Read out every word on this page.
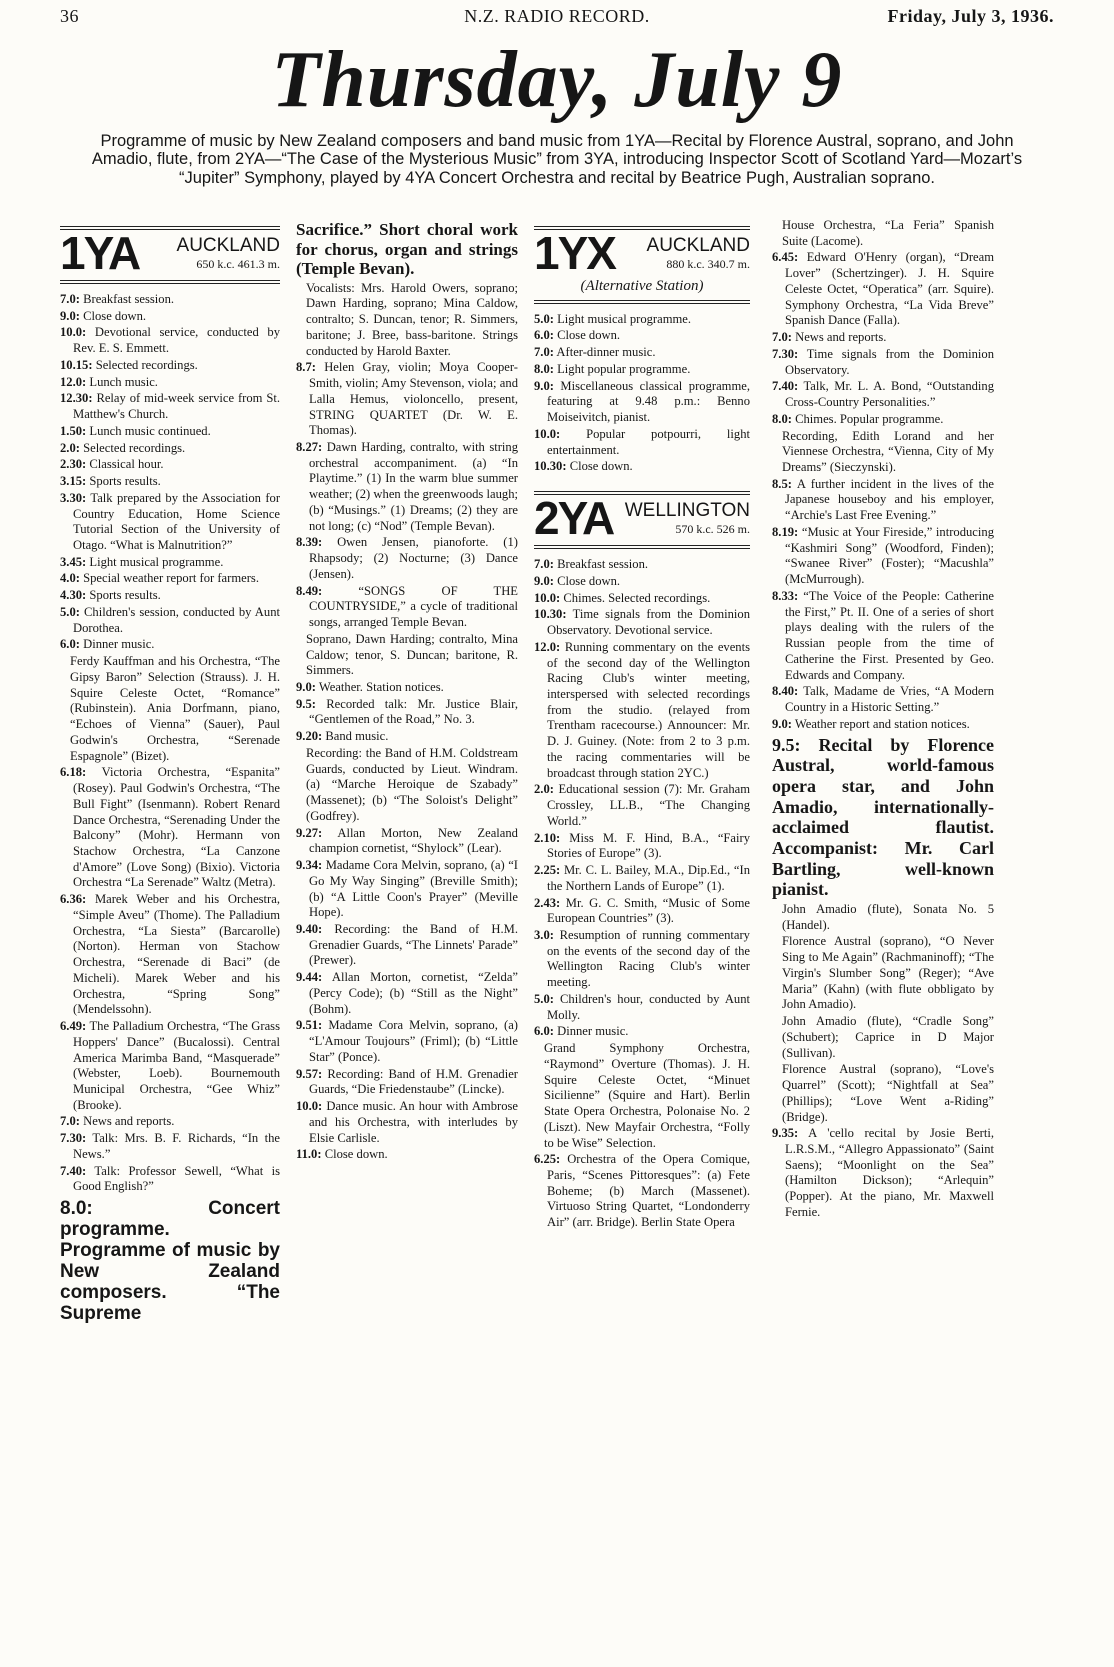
36	N.Z. RADIO RECORD.	Friday, July 3, 1936.
Thursday, July 9
Programme of music by New Zealand composers and band music from 1YA—Recital by Florence Austral, soprano, and John Amadio, flute, from 2YA—“The Case of the Mysterious Music” from 3YA, introducing Inspector Scott of Scotland Yard—Mozart’s “Jupiter” Symphony, played by 4YA Concert Orchestra and recital by Beatrice Pugh, Australian soprano.
1YA AUCKLAND
650 k.c. 461.3 m.
7.0: Breakfast session.
9.0: Close down.
10.0: Devotional service, conducted by Rev. E. S. Emmett.
10.15: Selected recordings.
12.0: Lunch music.
12.30: Relay of mid-week service from St. Matthew's Church.
1.50: Lunch music continued.
2.0: Selected recordings.
2.30: Classical hour.
3.15: Sports results.
3.30: Talk prepared by the Association for Country Education, Home Science Tutorial Section of the University of Otago. “What is Malnutrition?”
3.45: Light musical programme.
4.0: Special weather report for farmers.
4.30: Sports results.
5.0: Children's session, conducted by Aunt Dorothea.
6.0: Dinner music.
Ferdy Kauffman and his Orchestra, “The Gipsy Baron” Selection (Strauss). J. H. Squire Celeste Octet, “Romance” (Rubinstein). Ania Dorfmann, piano, “Echoes of Vienna” (Sauer), Paul Godwin's Orchestra, “Serenade Espagnole” (Bizet).
6.18: Victoria Orchestra, “Espanita” (Rosey). Paul Godwin's Orchestra, “The Bull Fight” (Isenmann). Robert Renard Dance Orchestra, “Serenading Under the Balcony” (Mohr). Hermann von Stachow Orchestra, “La Canzone d'Amore” (Love Song) (Bixio). Victoria Orchestra “La Serenade” Waltz (Metra).
6.36: Marek Weber and his Orchestra, “Simple Aveu” (Thome). The Palladium Orchestra, “La Siesta” (Barcarolle) (Norton). Herman von Stachow Orchestra, “Serenade di Baci” (de Micheli). Marek Weber and his Orchestra, “Spring Song” (Mendelssohn).
6.49: The Palladium Orchestra, “The Grass Hoppers' Dance” (Bucalossi). Central America Marimba Band, “Masquerade” (Webster, Loeb). Bournemouth Municipal Orchestra, “Gee Whiz” (Brooke).
7.0: News and reports.
7.30: Talk: Mrs. B. F. Richards, “In the News.”
7.40: Talk: Professor Sewell, “What is Good English?”
8.0: Concert programme. Programme of music by New Zealand composers. “The Supreme
Sacrifice.” Short choral work for chorus, organ and strings (Temple Bevan).
Vocalists: Mrs. Harold Owers, soprano; Dawn Harding, soprano; Mina Caldow, contralto; S. Duncan, tenor; R. Simmers, baritone; J. Bree, bass-baritone. Strings conducted by Harold Baxter.
8.7: Helen Gray, violin; Moya Cooper-Smith, violin; Amy Stevenson, viola; and Lalla Hemus, violoncello, present, STRING QUARTET (Dr. W. E. Thomas).
8.27: Dawn Harding, contralto, with string orchestral accompaniment. (a) “In Playtime.” (1) In the warm blue summer weather; (2) when the greenwoods laugh; (b) “Musings.” (1) Dreams; (2) they are not long; (c) “Nod” (Temple Bevan).
8.39: Owen Jensen, pianoforte. (1) Rhapsody; (2) Nocturne; (3) Dance (Jensen).
8.49:	“SONGS OF THE COUNTRYSIDE,” a cycle of traditional songs, arranged Temple Bevan.
Soprano, Dawn Harding; contralto, Mina Caldow; tenor, S. Duncan; baritone, R. Simmers.
9.0: Weather. Station notices.
9.5: Recorded talk: Mr. Justice Blair, “Gentlemen of the Road,” No. 3.
9.20: Band music.
Recording: the Band of H.M. Coldstream Guards, conducted by Lieut. Windram. (a) “Marche Heroique de Szabady” (Massenet); (b) “The Soloist's Delight” (Godfrey).
9.27: Allan Morton, New Zealand champion cornetist, “Shylock” (Lear).
9.34: Madame Cora Melvin, soprano, (a) “I Go My Way Singing” (Breville Smith); (b) “A Little Coon's Prayer” (Meville Hope).
9.40: Recording: the Band of H.M. Grenadier Guards, “The Linnets' Parade” (Prewer).
9.44: Allan Morton, cornetist, “Zelda” (Percy Code); (b) “Still as the Night” (Bohm).
9.51: Madame Cora Melvin, soprano, (a) “L'Amour Toujours” (Friml); (b) “Little Star” (Ponce).
9.57: Recording: Band of H.M. Grenadier Guards, “Die Friedenstaube” (Lincke).
10.0: Dance music. An hour with Ambrose and his Orchestra, with interludes by Elsie Carlisle.
11.0: Close down.
1YX AUCKLAND
880 k.c. 340.7 m.
(Alternative Station)
5.0: Light musical programme.
6.0: Close down.
7.0: After-dinner music.
8.0: Light popular programme.
9.0: Miscellaneous classical programme, featuring at 9.48 p.m.: Benno Moiseivitch, pianist.
10.0: Popular potpourri, light entertainment.
10.30: Close down.
2YA WELLINGTON
570 k.c. 526 m.
7.0: Breakfast session.
9.0: Close down.
10.0: Chimes. Selected recordings.
10.30: Time signals from the Dominion Observatory. Devotional service.
12.0: Running commentary on the events of the second day of the Wellington Racing Club's winter meeting, interspersed with selected recordings from the studio. (relayed from Trentham racecourse.) Announcer: Mr. D. J. Guiney. (Note: from 2 to 3 p.m. the racing commentaries will be broadcast through station 2YC.)
2.0: Educational session (7): Mr. Graham Crossley, LL.B., “The Changing World.”
2.10: Miss M. F. Hind, B.A., “Fairy Stories of Europe” (3).
2.25: Mr. C. L. Bailey, M.A., Dip.Ed., “In the Northern Lands of Europe” (1).
2.43: Mr. G. C. Smith, “Music of Some European Countries” (3).
3.0: Resumption of running commentary on the events of the second day of the Wellington Racing Club's winter meeting.
5.0: Children's hour, conducted by Aunt Molly.
6.0: Dinner music.
Grand Symphony Orchestra, “Raymond” Overture (Thomas). J. H. Squire Celeste Octet, “Minuet Sicilienne” (Squire and Hart). Berlin State Opera Orchestra, Polonaise No. 2 (Liszt). New Mayfair Orchestra, “Folly to be Wise” Selection.
6.25: Orchestra of the Opera Comique, Paris, “Scenes Pittoresques”: (a) Fete Boheme; (b) March (Massenet). Virtuoso String Quartet, “Londonderry Air” (arr. Bridge). Berlin State Opera
House Orchestra, “La Feria” Spanish Suite (Lacome).
6.45: Edward O'Henry (organ), “Dream Lover” (Schertzinger). J. H. Squire Celeste Octet, “Operatica” (arr. Squire). Symphony Orchestra, “La Vida Breve” Spanish Dance (Falla).
7.0: News and reports.
7.30: Time signals from the Dominion Observatory.
7.40: Talk, Mr. L. A. Bond, “Outstanding Cross-Country Personalities.”
8.0: Chimes. Popular programme.
Recording, Edith Lorand and her Viennese Orchestra, “Vienna, City of My Dreams” (Sieczynski).
8.5: A further incident in the lives of the Japanese houseboy and his employer, “Archie's Last Free Evening.”
8.19: “Music at Your Fireside,” introducing “Kashmiri Song” (Woodford, Finden); “Swanee River” (Foster); “Macushla” (McMurrough).
8.33: “The Voice of the People: Catherine the First,” Pt. II. One of a series of short plays dealing with the rulers of the Russian people from the time of Catherine the First. Presented by Geo. Edwards and Company.
8.40: Talk, Madame de Vries, “A Modern Country in a Historic Setting.”
9.0: Weather report and station notices.
9.5: Recital by Florence Austral, world-famous opera star, and John Amadio, internationally-acclaimed flautist. Accompanist: Mr. Carl Bartling, well-known pianist.
John Amadio (flute), Sonata No. 5 (Handel).
Florence Austral (soprano), “O Never Sing to Me Again” (Rachmaninoff); “The Virgin's Slumber Song” (Reger); “Ave Maria” (Kahn) (with flute obbligato by John Amadio).
John Amadio (flute), “Cradle Song” (Schubert); Caprice in D Major (Sullivan).
Florence Austral (soprano), “Love's Quarrel” (Scott); “Nightfall at Sea” (Phillips); “Love Went a-Riding” (Bridge).
9.35: A 'cello recital by Josie Berti, L.R.S.M., “Allegro Appassionato” (Saint Saens); “Moonlight on the Sea” (Hamilton Dickson); “Arlequin” (Popper). At the piano, Mr. Maxwell Fernie.
